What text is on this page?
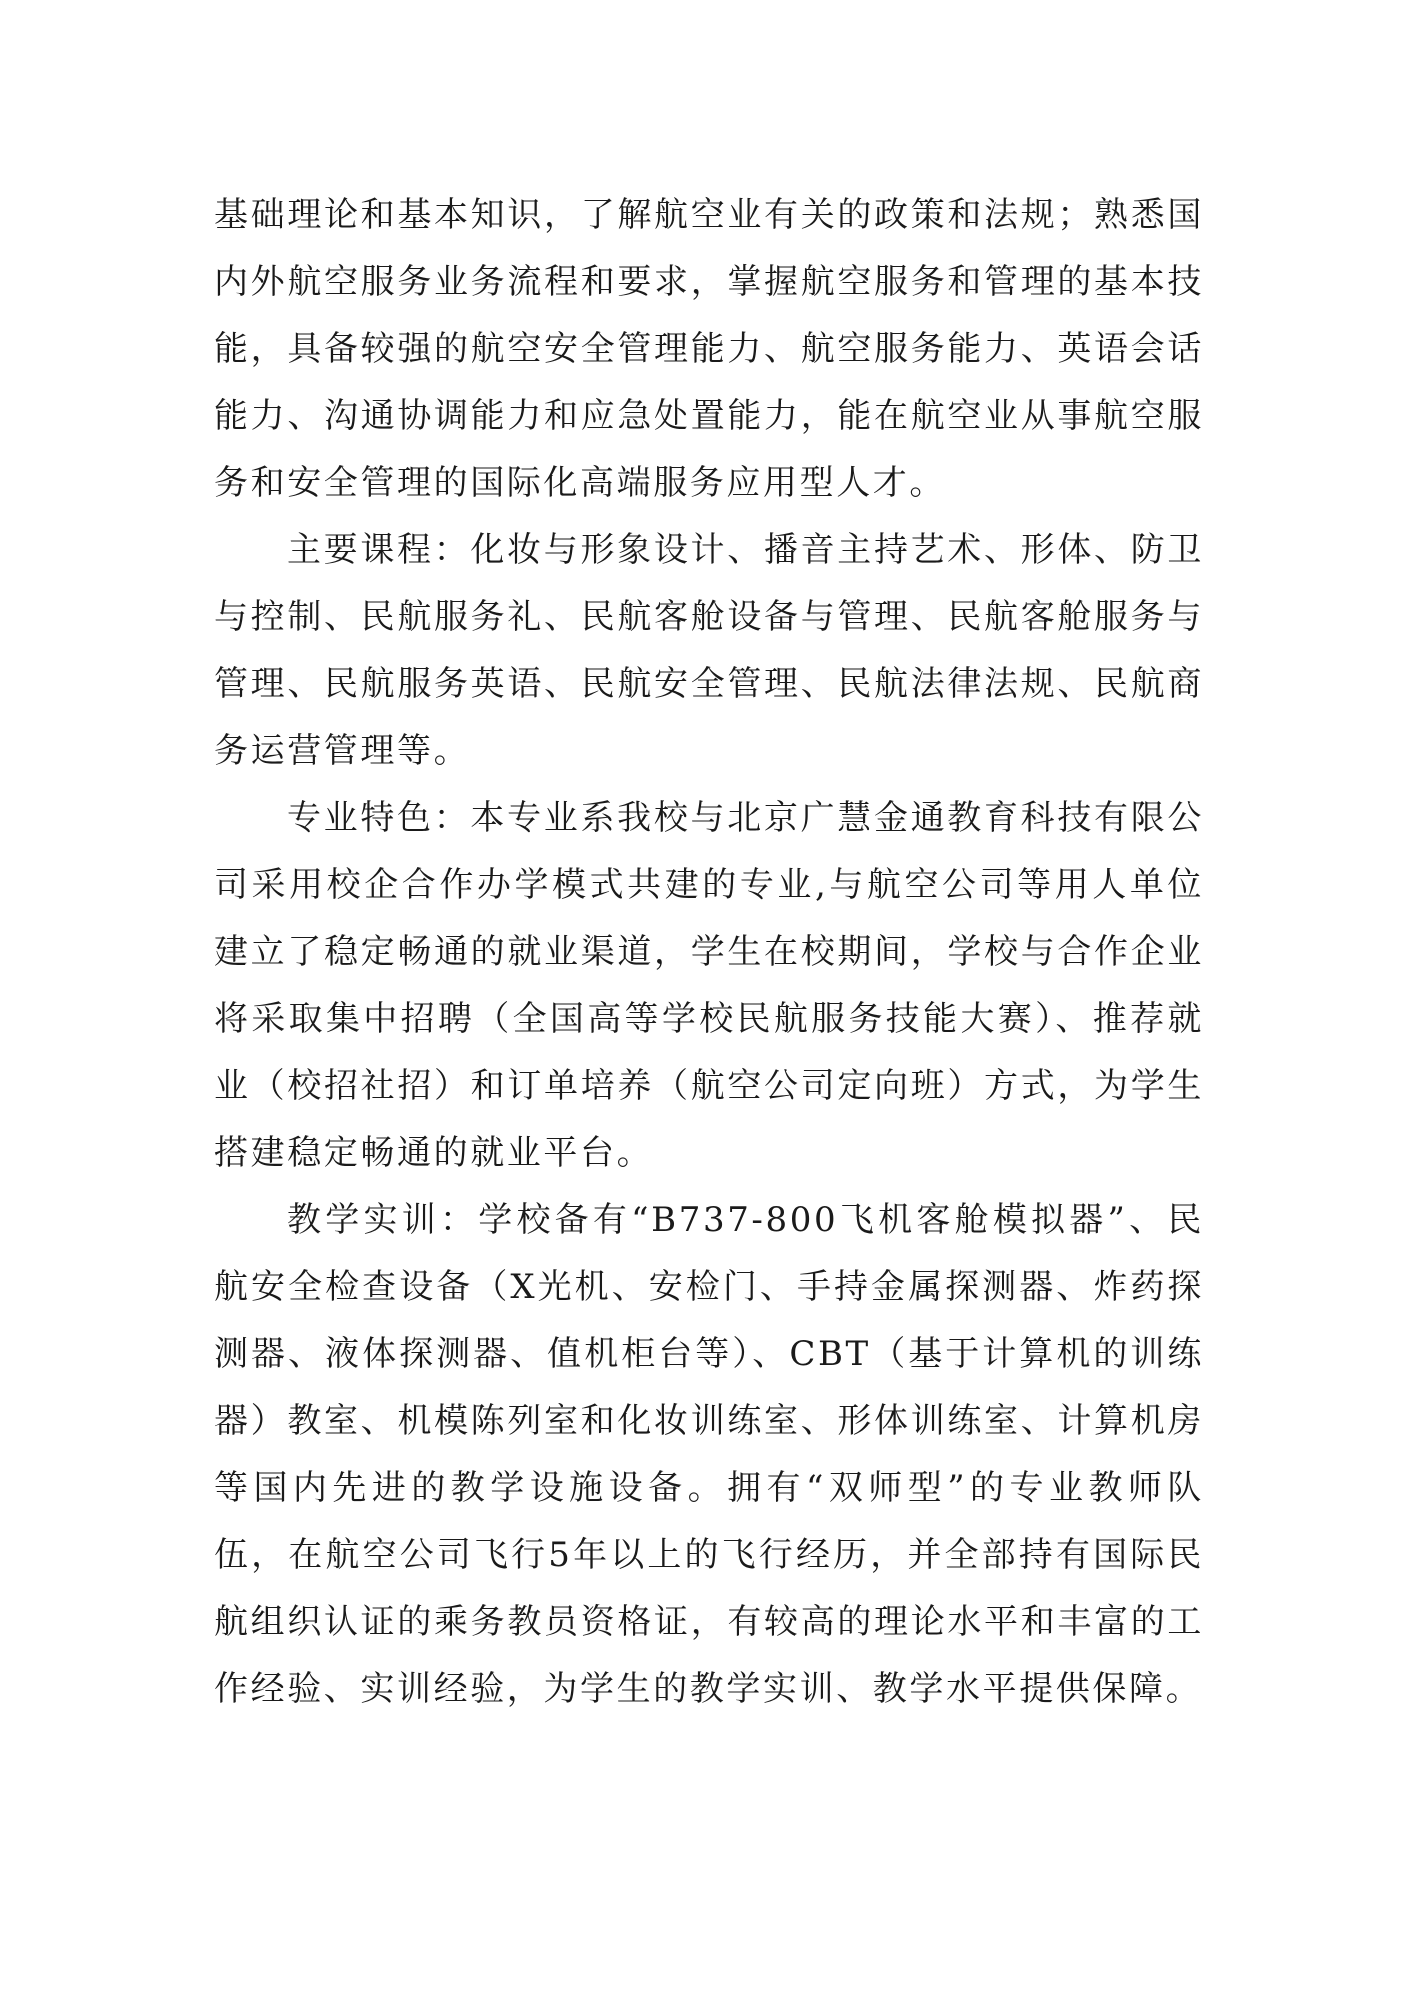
基础理论和基本知识，了解航空业有关的政策和法规；熟悉国内外航空服务业务流程和要求，掌握航空服务和管理的基本技能，具备较强的航空安全管理能力、航空服务能力、英语会话能力、沟通协调能力和应急处置能力，能在航空业从事航空服务和安全管理的国际化高端服务应用型人才。

主要课程：化妆与形象设计、播音主持艺术、形体、防卫与控制、民航服务礼、民航客舱设备与管理、民航客舱服务与管理、民航服务英语、民航安全管理、民航法律法规、民航商务运营管理等。

专业特色：本专业系我校与北京广慧金通教育科技有限公司采用校企合作办学模式共建的专业,与航空公司等用人单位建立了稳定畅通的就业渠道，学生在校期间，学校与合作企业将采取集中招聘（全国高等学校民航服务技能大赛）、推荐就业（校招社招）和订单培养（航空公司定向班）方式，为学生搭建稳定畅通的就业平台。

教学实训：学校备有“B737-800飞机客舱模拟器”、民航安全检查设备（X光机、安检门、手持金属探测器、炸药探测器、液体探测器、值机柜台等）、CBT（基于计算机的训练器）教室、机模陈列室和化妆训练室、形体训练室、计算机房等国内先进的教学设施设备。拥有“双师型”的专业教师队伍，在航空公司飞行5年以上的飞行经历，并全部持有国际民航组织认证的乘务教员资格证，有较高的理论水平和丰富的工作经验、实训经验，为学生的教学实训、教学水平提供保障。
